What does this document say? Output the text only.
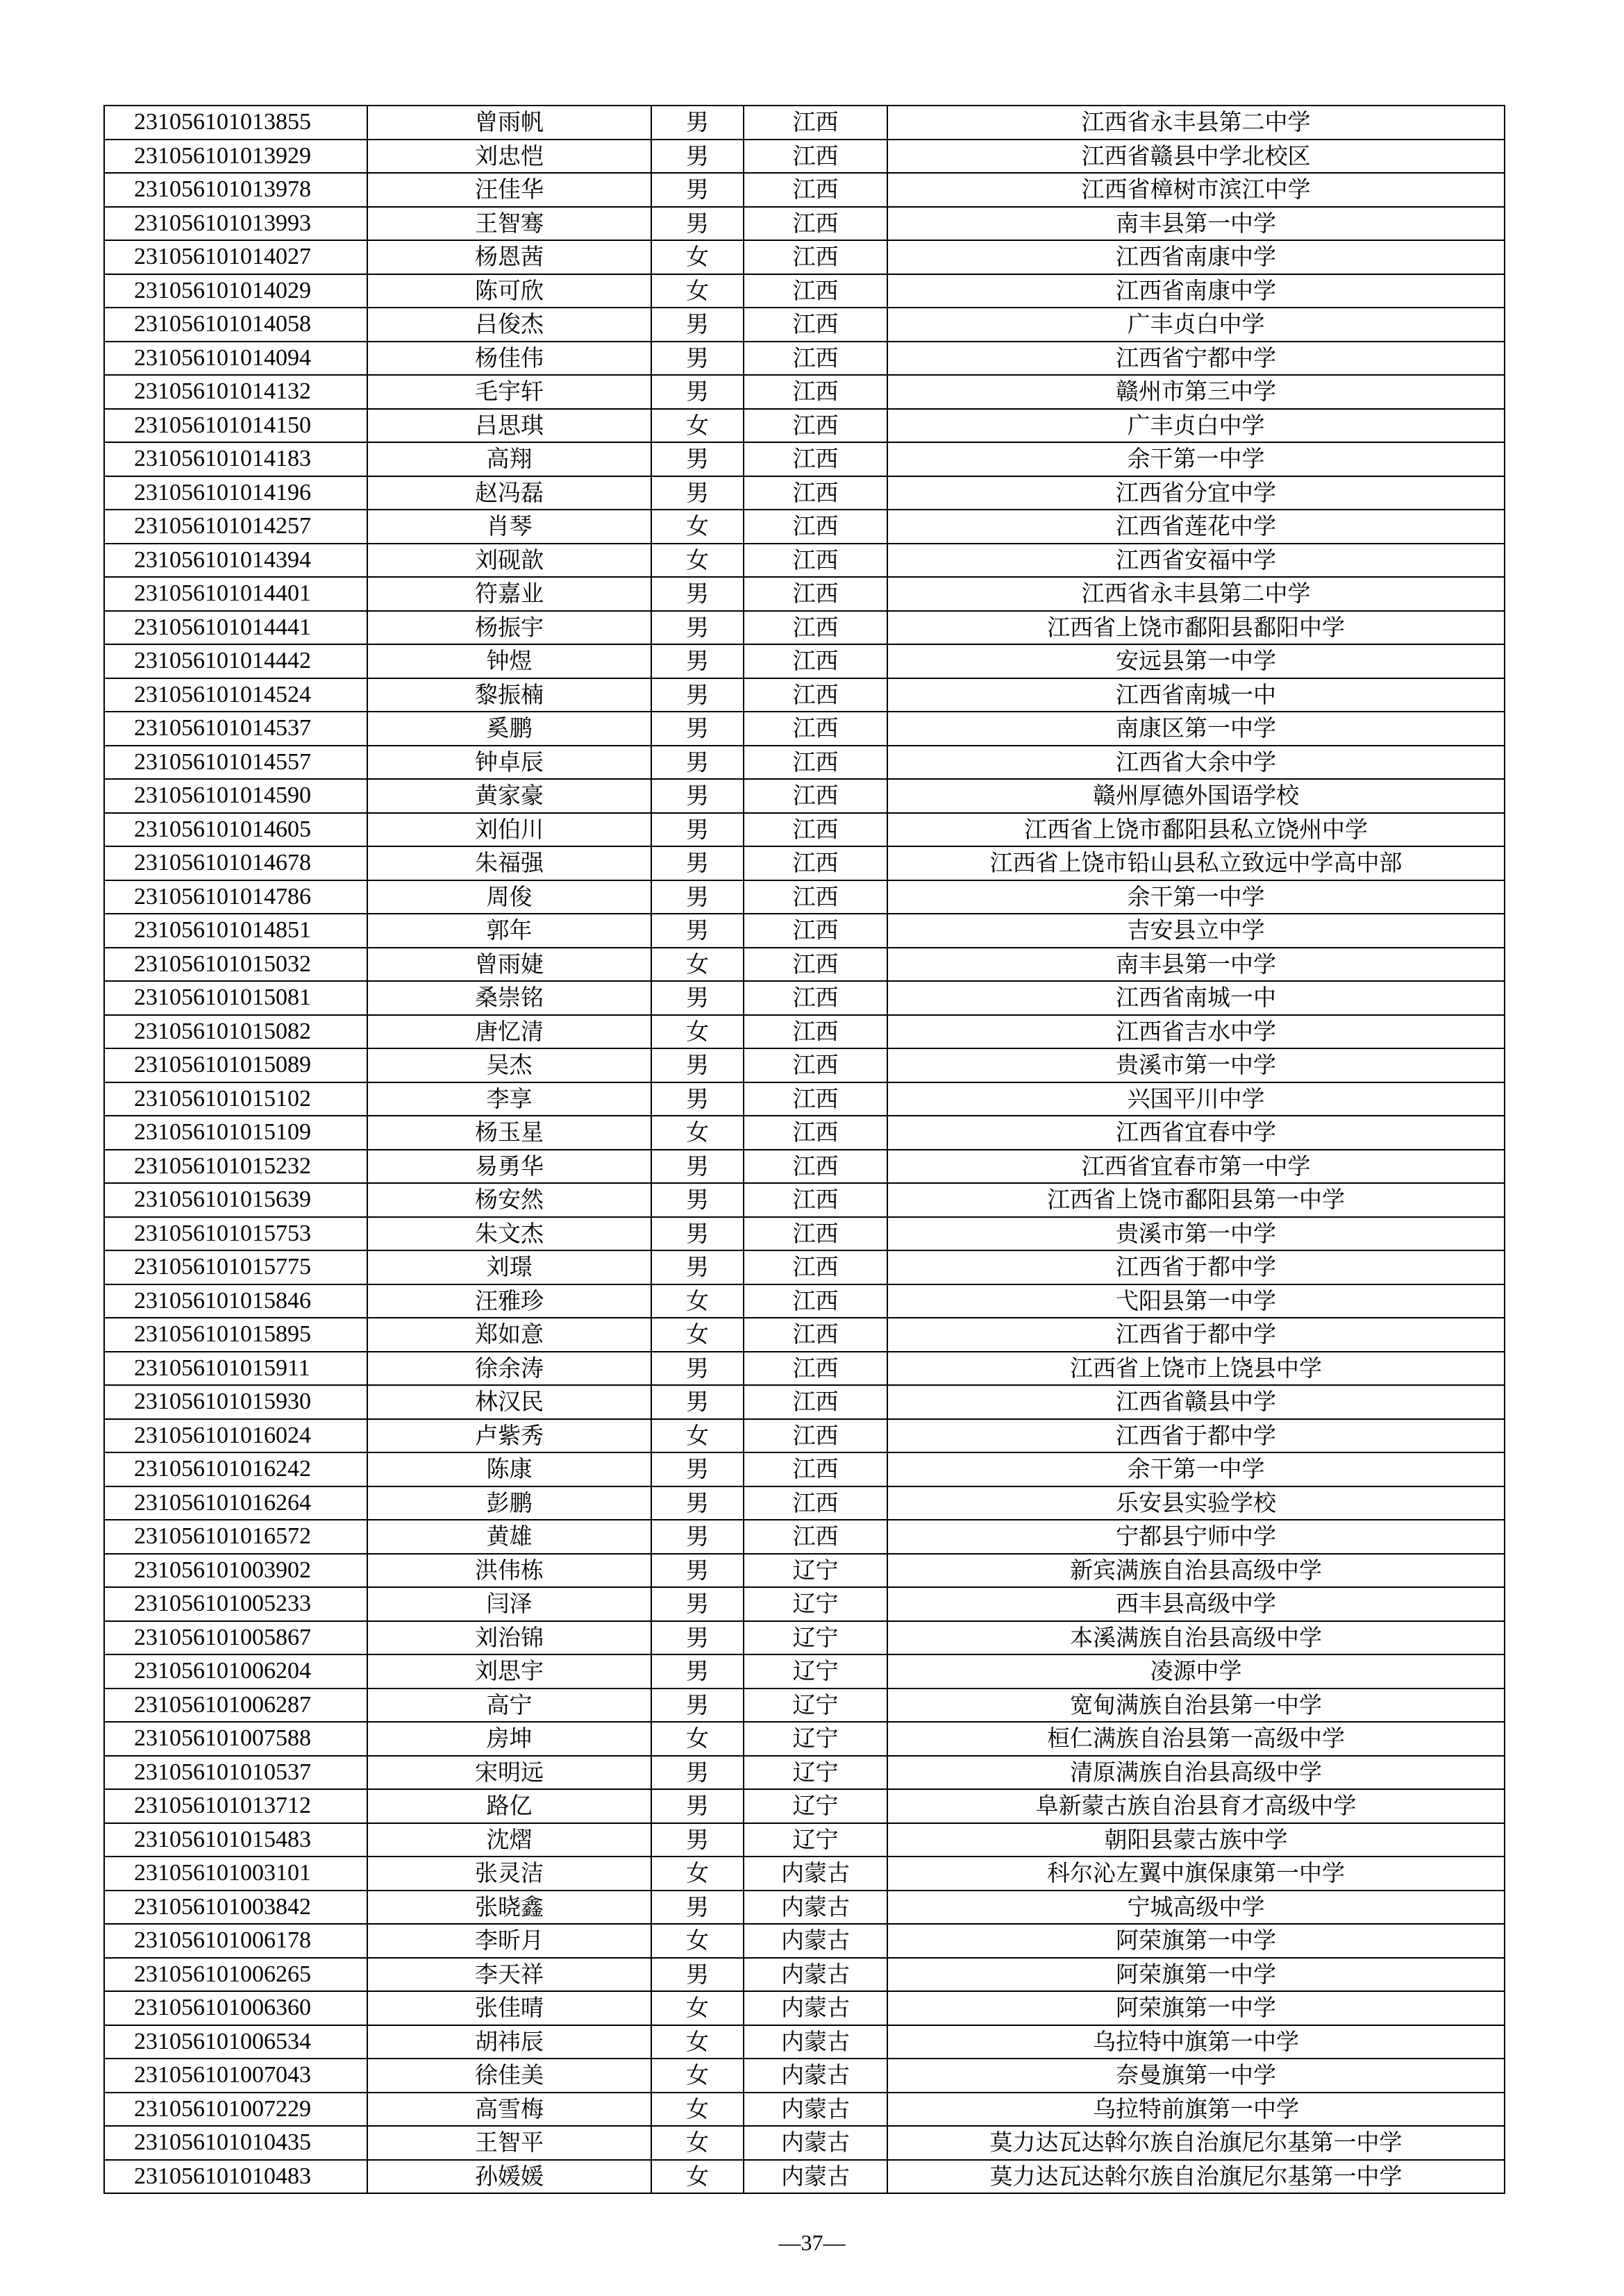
231056101013855	曾雨帆	男	江西	江西省永丰县第二中学
231056101013929	刘忠恺	男	江西	江西省赣县中学北校区
231056101013978	汪佳华	男	江西	江西省樟树市滨江中学
231056101013993	王智骞	男	江西	南丰县第一中学
231056101014027	杨恩茜	女	江西	江西省南康中学
231056101014029	陈可欣	女	江西	江西省南康中学
231056101014058	吕俊杰	男	江西	广丰贞白中学
231056101014094	杨佳伟	男	江西	江西省宁都中学
231056101014132	毛宇轩	男	江西	赣州市第三中学
231056101014150	吕思琪	女	江西	广丰贞白中学
231056101014183	高翔	男	江西	余干第一中学
231056101014196	赵冯磊	男	江西	江西省分宜中学
231056101014257	肖琴	女	江西	江西省莲花中学
231056101014394	刘砚歆	女	江西	江西省安福中学
231056101014401	符嘉业	男	江西	江西省永丰县第二中学
231056101014441	杨振宇	男	江西	江西省上饶市鄱阳县鄱阳中学
231056101014442	钟煜	男	江西	安远县第一中学
231056101014524	黎振楠	男	江西	江西省南城一中
231056101014537	奚鹏	男	江西	南康区第一中学
231056101014557	钟卓辰	男	江西	江西省大余中学
231056101014590	黄家豪	男	江西	赣州厚德外国语学校
231056101014605	刘伯川	男	江西	江西省上饶市鄱阳县私立饶州中学
231056101014678	朱福强	男	江西	江西省上饶市铅山县私立致远中学高中部
231056101014786	周俊	男	江西	余干第一中学
231056101014851	郭年	男	江西	吉安县立中学
231056101015032	曾雨婕	女	江西	南丰县第一中学
231056101015081	桑崇铭	男	江西	江西省南城一中
231056101015082	唐忆清	女	江西	江西省吉水中学
231056101015089	吴杰	男	江西	贵溪市第一中学
231056101015102	李享	男	江西	兴国平川中学
231056101015109	杨玉星	女	江西	江西省宜春中学
231056101015232	易勇华	男	江西	江西省宜春市第一中学
231056101015639	杨安然	男	江西	江西省上饶市鄱阳县第一中学
231056101015753	朱文杰	男	江西	贵溪市第一中学
231056101015775	刘璟	男	江西	江西省于都中学
231056101015846	汪雅珍	女	江西	弋阳县第一中学
231056101015895	郑如意	女	江西	江西省于都中学
231056101015911	徐余涛	男	江西	江西省上饶市上饶县中学
231056101015930	林汉民	男	江西	江西省赣县中学
231056101016024	卢紫秀	女	江西	江西省于都中学
231056101016242	陈康	男	江西	余干第一中学
231056101016264	彭鹏	男	江西	乐安县实验学校
231056101016572	黄雄	男	江西	宁都县宁师中学
231056101003902	洪伟栋	男	辽宁	新宾满族自治县高级中学
231056101005233	闫泽	男	辽宁	西丰县高级中学
231056101005867	刘治锦	男	辽宁	本溪满族自治县高级中学
231056101006204	刘思宇	男	辽宁	凌源中学
231056101006287	高宁	男	辽宁	宽甸满族自治县第一中学
231056101007588	房坤	女	辽宁	桓仁满族自治县第一高级中学
231056101010537	宋明远	男	辽宁	清原满族自治县高级中学
231056101013712	路亿	男	辽宁	阜新蒙古族自治县育才高级中学
231056101015483	沈熠	男	辽宁	朝阳县蒙古族中学
231056101003101	张灵洁	女	内蒙古	科尔沁左翼中旗保康第一中学
231056101003842	张晓鑫	男	内蒙古	宁城高级中学
231056101006178	李昕月	女	内蒙古	阿荣旗第一中学
231056101006265	李天祥	男	内蒙古	阿荣旗第一中学
231056101006360	张佳晴	女	内蒙古	阿荣旗第一中学
231056101006534	胡祎辰	女	内蒙古	乌拉特中旗第一中学
231056101007043	徐佳美	女	内蒙古	奈曼旗第一中学
231056101007229	高雪梅	女	内蒙古	乌拉特前旗第一中学
231056101010435	王智平	女	内蒙古	莫力达瓦达斡尔族自治旗尼尔基第一中学
231056101010483	孙媛媛	女	内蒙古	莫力达瓦达斡尔族自治旗尼尔基第一中学
—37—
